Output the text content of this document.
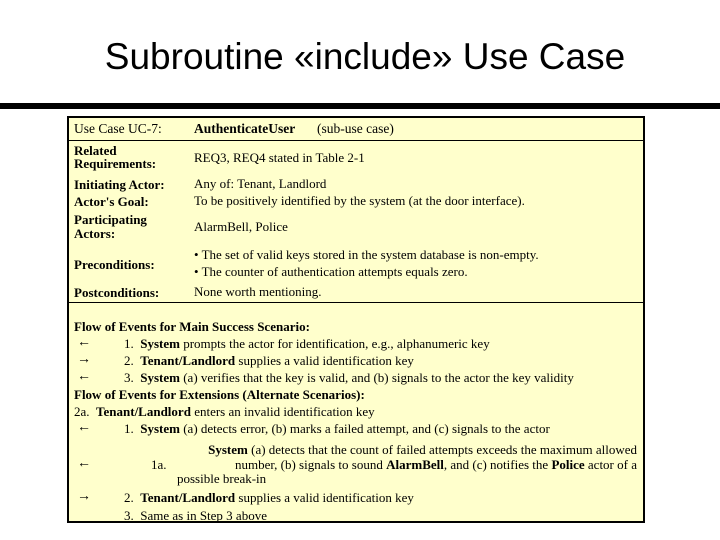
Subroutine «include» Use Case
Use Case UC-7: AuthenticateUser (sub-use case)
Related
Requirements:	REQ3, REQ4 stated in Table 2‑1
Initiating Actor: Any of: Tenant, Landlord
Actor's Goal:	To be positively identified by the system (at the door interface).
Participating
Actors:	AlarmBell, Police
Preconditions:
• The set of valid keys stored in the system database is non-empty.
• The counter of authentication attempts equals zero.
Postconditions:	None worth mentioning.
Flow of Events for Main Success Scenario:
←	1. System prompts the actor for identification, e.g., alphanumeric key
→	2. Tenant/Landlord supplies a valid identification key
←	3. System (a) verifies that the key is valid, and (b) signals to the actor the key validity
Flow of Events for Extensions (Alternate Scenarios):
2a. Tenant/Landlord enters an invalid identification key
←	1. System (a) detects error, (b) marks a failed attempt, and (c) signals to the actor
System (a) detects that the count of failed attempts exceeds the maximum allowed
←	1a.	number, (b) signals to sound AlarmBell, and (c) notifies the Police actor of a
possible break-in
→	2. Tenant/Landlord supplies a valid identification key
3. Same as in Step 3 above
